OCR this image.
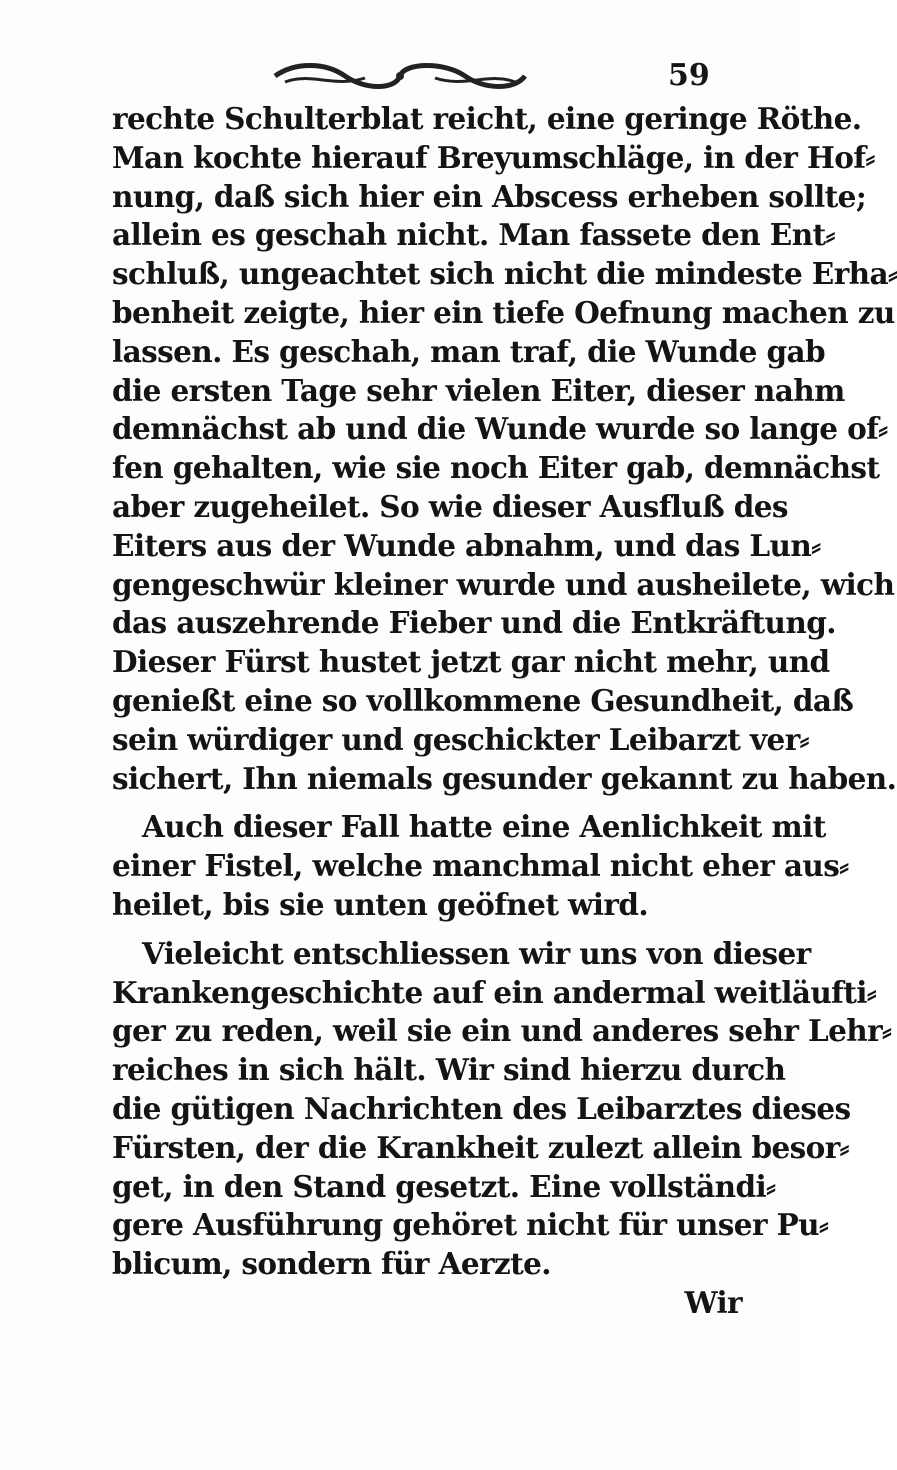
59
rechte Schulterblat reicht, eine geringe Röthe.
Man kochte hierauf Breyumschläge, in der Hof⸗
nung, daß sich hier ein Abscess erheben sollte;
allein es geschah nicht. Man fassete den Ent⸗
schluß, ungeachtet sich nicht die mindeste Erha⸗
benheit zeigte, hier ein tiefe Oefnung machen zu
lassen. Es geschah, man traf, die Wunde gab
die ersten Tage sehr vielen Eiter, dieser nahm
demnächst ab und die Wunde wurde so lange of⸗
fen gehalten, wie sie noch Eiter gab, demnächst
aber zugeheilet. So wie dieser Ausfluß des
Eiters aus der Wunde abnahm, und das Lun⸗
gengeschwür kleiner wurde und ausheilete, wich
das auszehrende Fieber und die Entkräftung.
Dieser Fürst hustet jetzt gar nicht mehr, und
genießt eine so vollkommene Gesundheit, daß
sein würdiger und geschickter Leibarzt ver⸗
sichert, Ihn niemals gesunder gekannt zu haben.
Auch dieser Fall hatte eine Aenlichkeit mit
einer Fistel, welche manchmal nicht eher aus⸗
heilet, bis sie unten geöfnet wird.
Vieleicht entschliessen wir uns von dieser
Krankengeschichte auf ein andermal weitläufti⸗
ger zu reden, weil sie ein und anderes sehr Lehr⸗
reiches in sich hält. Wir sind hierzu durch
die gütigen Nachrichten des Leibarztes dieses
Fürsten, der die Krankheit zulezt allein besor⸗
get, in den Stand gesetzt. Eine vollständi⸗
gere Ausführung gehöret nicht für unser Pu⸗
blicum, sondern für Aerzte.
Wir
